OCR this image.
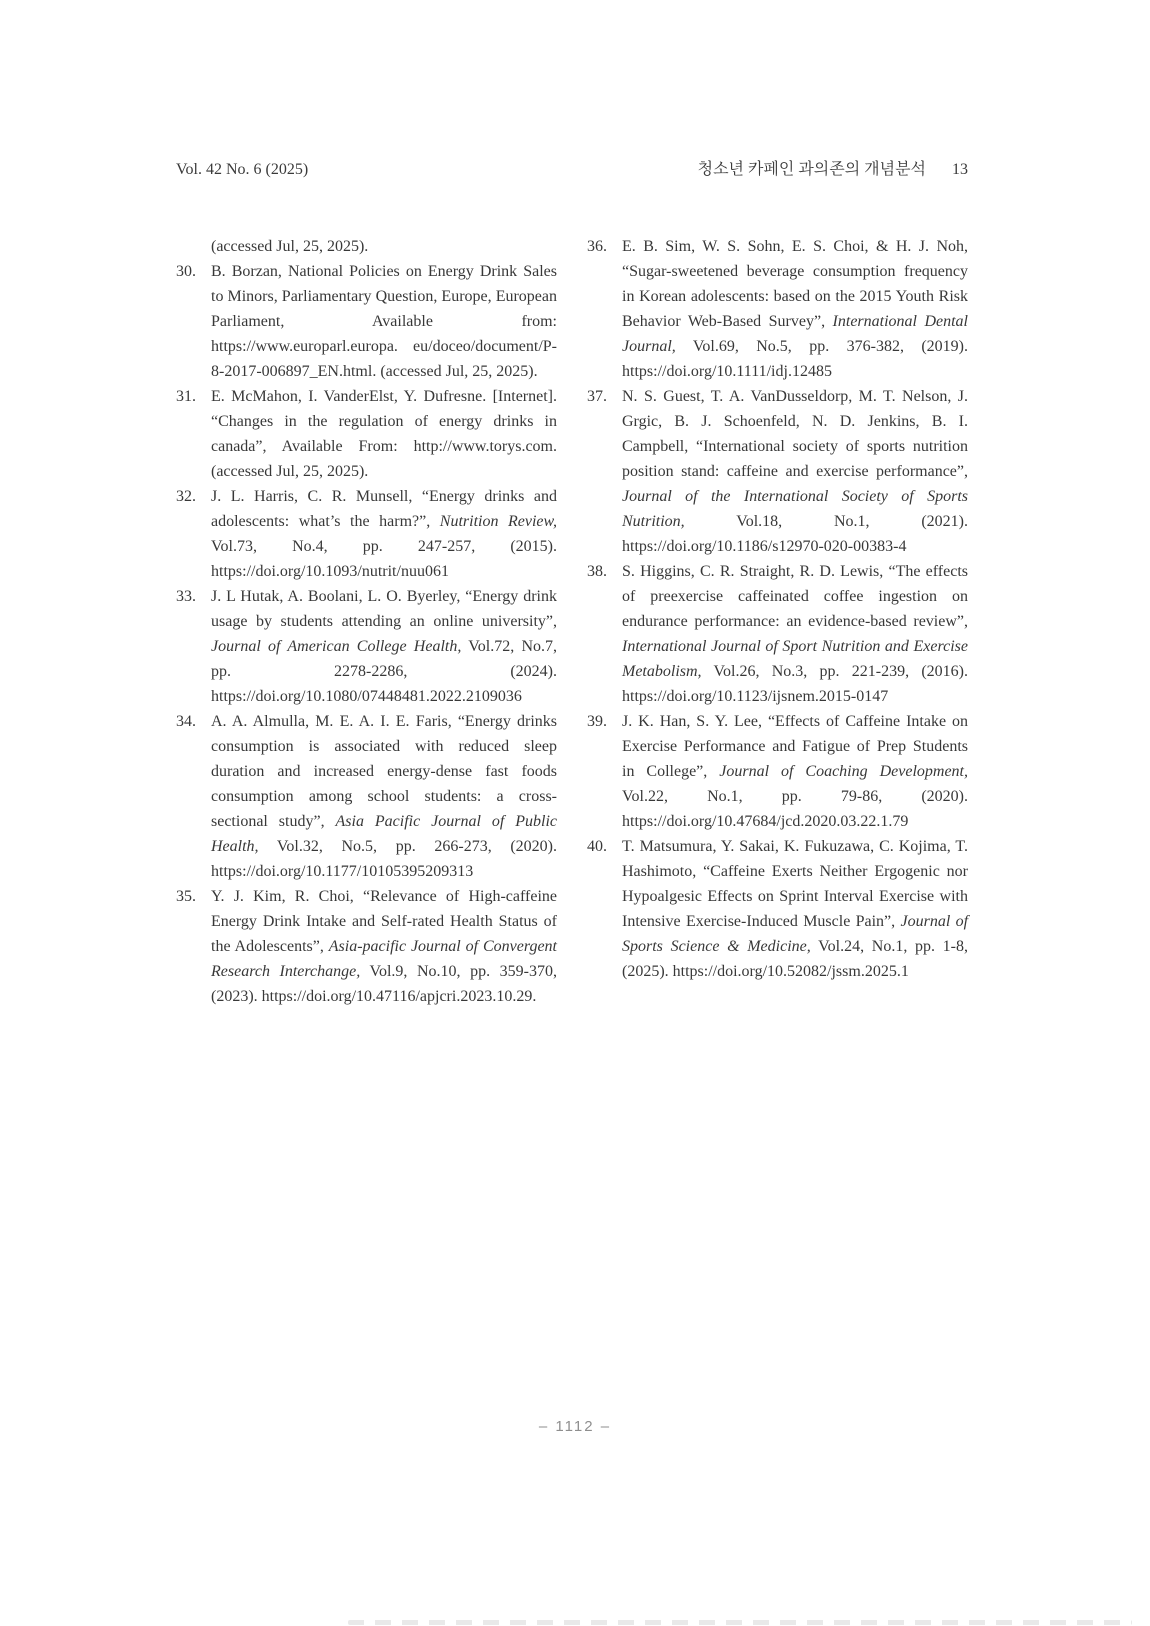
Vol. 42 No. 6 (2025)	청소년 카페인 과의존의 개념분석 13
(accessed Jul, 25, 2025).
30. B. Borzan, National Policies on Energy Drink Sales to Minors, Parliamentary Question, Europe, European Parliament, Available from: https://www.europarl.europa. eu/doceo/document/P-8-2017-006897_EN.html. (accessed Jul, 25, 2025).
31. E. McMahon, I. VanderElst, Y. Dufresne. [Internet]. “Changes in the regulation of energy drinks in canada”, Available From: http://www.torys.com. (accessed Jul, 25, 2025).
32. J. L. Harris, C. R. Munsell, “Energy drinks and adolescents: what’s the harm?”, Nutrition Review, Vol.73, No.4, pp. 247-257, (2015). https://doi.org/10.1093/nutrit/nuu061
33. J. L Hutak, A. Boolani, L. O. Byerley, “Energy drink usage by students attending an online university”, Journal of American College Health, Vol.72, No.7, pp. 2278-2286, (2024). https://doi.org/10.1080/07448481.2022.2109036
34. A. A. Almulla, M. E. A. I. E. Faris, “Energy drinks consumption is associated with reduced sleep duration and increased energy-dense fast foods consumption among school students: a cross-sectional study”, Asia Pacific Journal of Public Health, Vol.32, No.5, pp. 266-273, (2020). https://doi.org/10.1177/10105395209313
35. Y. J. Kim, R. Choi, “Relevance of High-caffeine Energy Drink Intake and Self-rated Health Status of the Adolescents”, Asia-pacific Journal of Convergent Research Interchange, Vol.9, No.10, pp. 359-370, (2023). https://doi.org/10.47116/apjcri.2023.10.29.
36. E. B. Sim, W. S. Sohn, E. S. Choi, & H. J. Noh, “Sugar-sweetened beverage consumption frequency in Korean adolescents: based on the 2015 Youth Risk Behavior Web-Based Survey”, International Dental Journal, Vol.69, No.5, pp. 376-382, (2019). https://doi.org/10.1111/idj.12485
37. N. S. Guest, T. A. VanDusseldorp, M. T. Nelson, J. Grgic, B. J. Schoenfeld, N. D. Jenkins, B. I. Campbell, “International society of sports nutrition position stand: caffeine and exercise performance”, Journal of the International Society of Sports Nutrition, Vol.18, No.1, (2021). https://doi.org/10.1186/s12970-020-00383-4
38. S. Higgins, C. R. Straight, R. D. Lewis, “The effects of preexercise caffeinated coffee ingestion on endurance performance: an evidence-based review”, International Journal of Sport Nutrition and Exercise Metabolism, Vol.26, No.3, pp. 221-239, (2016). https://doi.org/10.1123/ijsnem.2015-0147
39. J. K. Han, S. Y. Lee, “Effects of Caffeine Intake on Exercise Performance and Fatigue of Prep Students in College”, Journal of Coaching Development, Vol.22, No.1, pp. 79-86, (2020). https://doi.org/10.47684/jcd.2020.03.22.1.79
40. T. Matsumura, Y. Sakai, K. Fukuzawa, C. Kojima, T. Hashimoto, “Caffeine Exerts Neither Ergogenic nor Hypoalgesic Effects on Sprint Interval Exercise with Intensive Exercise-Induced Muscle Pain”, Journal of Sports Science & Medicine, Vol.24, No.1, pp. 1-8, (2025). https://doi.org/10.52082/jssm.2025.1
– 1112 –
